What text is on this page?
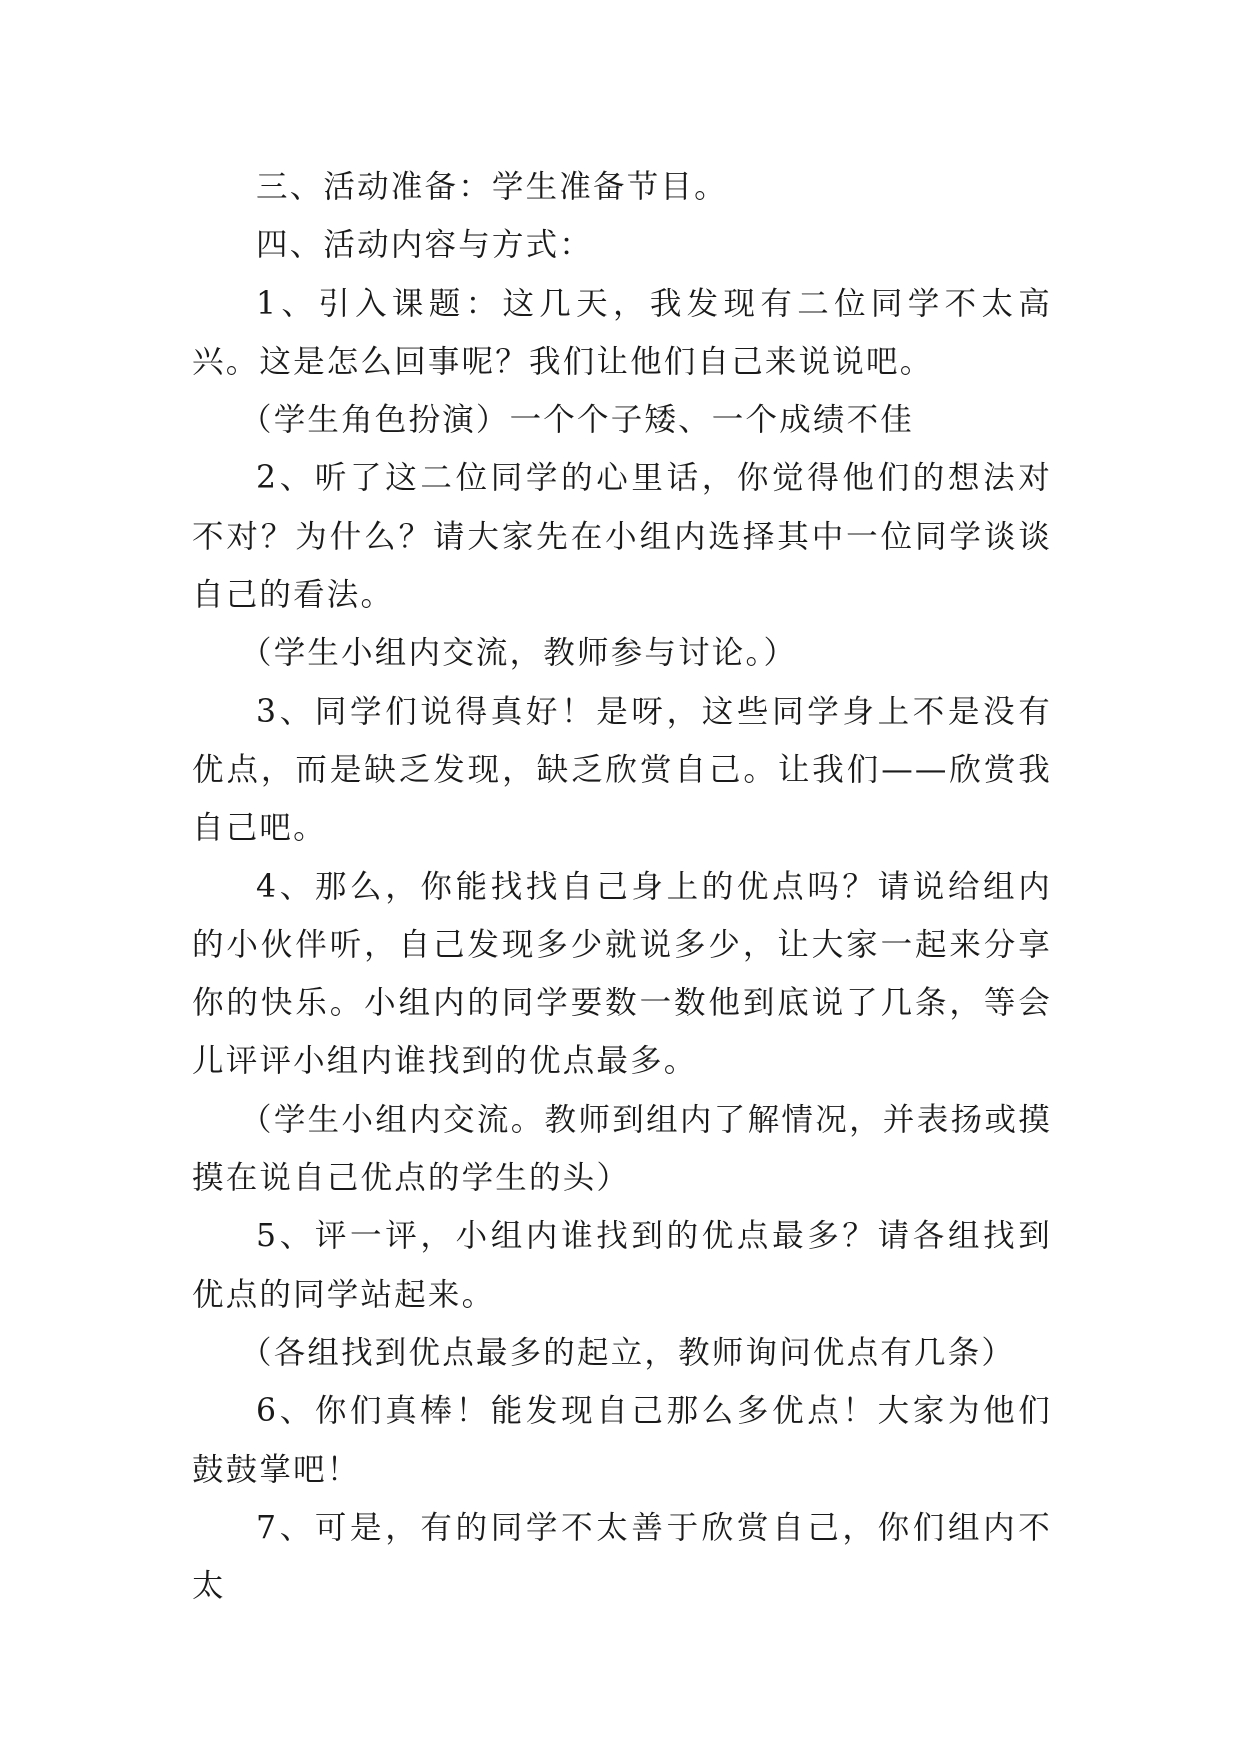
三、活动准备：学生准备节目。

四、活动内容与方式：

1、引入课题：这几天，我发现有二位同学不太高兴。这是怎么回事呢？我们让他们自己来说说吧。

（学生角色扮演）一个个子矮、一个成绩不佳

2、听了这二位同学的心里话，你觉得他们的想法对不对？为什么？请大家先在小组内选择其中一位同学谈谈自己的看法。

（学生小组内交流，教师参与讨论。）

3、同学们说得真好！是呀，这些同学身上不是没有优点，而是缺乏发现，缺乏欣赏自己。让我们——欣赏我自己吧。

4、那么，你能找找自己身上的优点吗？请说给组内的小伙伴听，自己发现多少就说多少，让大家一起来分享你的快乐。小组内的同学要数一数他到底说了几条，等会儿评评小组内谁找到的优点最多。

（学生小组内交流。教师到组内了解情况，并表扬或摸摸在说自己优点的学生的头）

5、评一评，小组内谁找到的优点最多？请各组找到优点的同学站起来。

（各组找到优点最多的起立，教师询问优点有几条）

6、你们真棒！能发现自己那么多优点！大家为他们鼓鼓掌吧！

7、可是，有的同学不太善于欣赏自己，你们组内不太
